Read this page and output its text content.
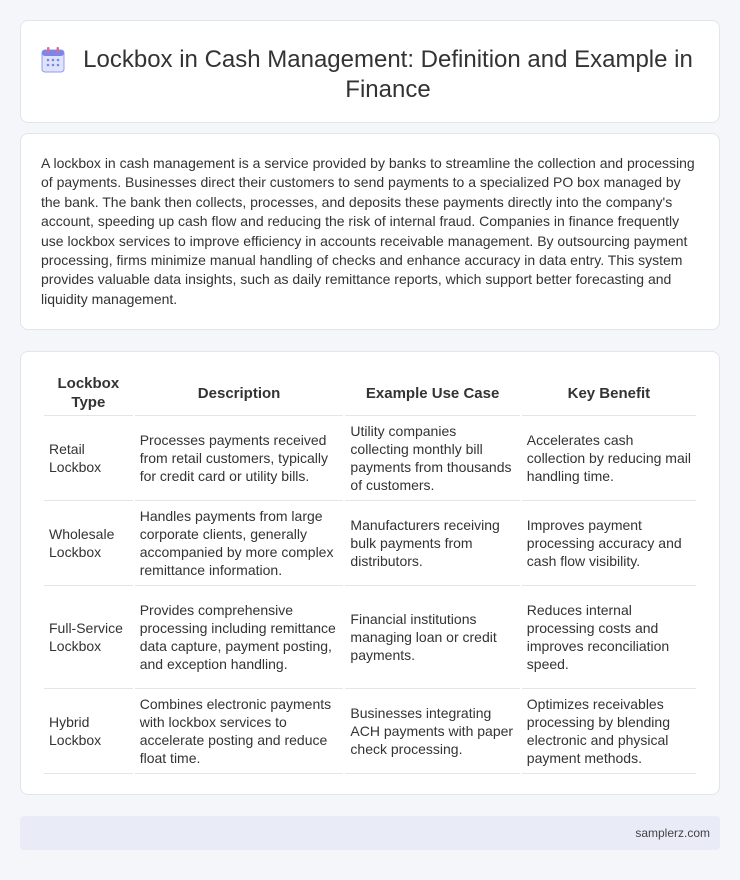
Lockbox in Cash Management: Definition and Example in Finance

A lockbox in cash management is a service provided by banks to streamline the collection and processing of payments. Businesses direct their customers to send payments to a specialized PO box managed by the bank. The bank then collects, processes, and deposits these payments directly into the company's account, speeding up cash flow and reducing the risk of internal fraud. Companies in finance frequently use lockbox services to improve efficiency in accounts receivable management. By outsourcing payment processing, firms minimize manual handling of checks and enhance accuracy in data entry. This system provides valuable data insights, such as daily remittance reports, which support better forecasting and liquidity management.

Lockbox Type	Description	Example Use Case	Key Benefit
Retail Lockbox	Processes payments received from retail customers, typically for credit card or utility bills.	Utility companies collecting monthly bill payments from thousands of customers.	Accelerates cash collection by reducing mail handling time.
Wholesale Lockbox	Handles payments from large corporate clients, generally accompanied by more complex remittance information.	Manufacturers receiving bulk payments from distributors.	Improves payment processing accuracy and cash flow visibility.
Full-Service Lockbox	Provides comprehensive processing including remittance data capture, payment posting, and exception handling.	Financial institutions managing loan or credit payments.	Reduces internal processing costs and improves reconciliation speed.
Hybrid Lockbox	Combines electronic payments with lockbox services to accelerate posting and reduce float time.	Businesses integrating ACH payments with paper check processing.	Optimizes receivables processing by blending electronic and physical payment methods.
samplerz.com
